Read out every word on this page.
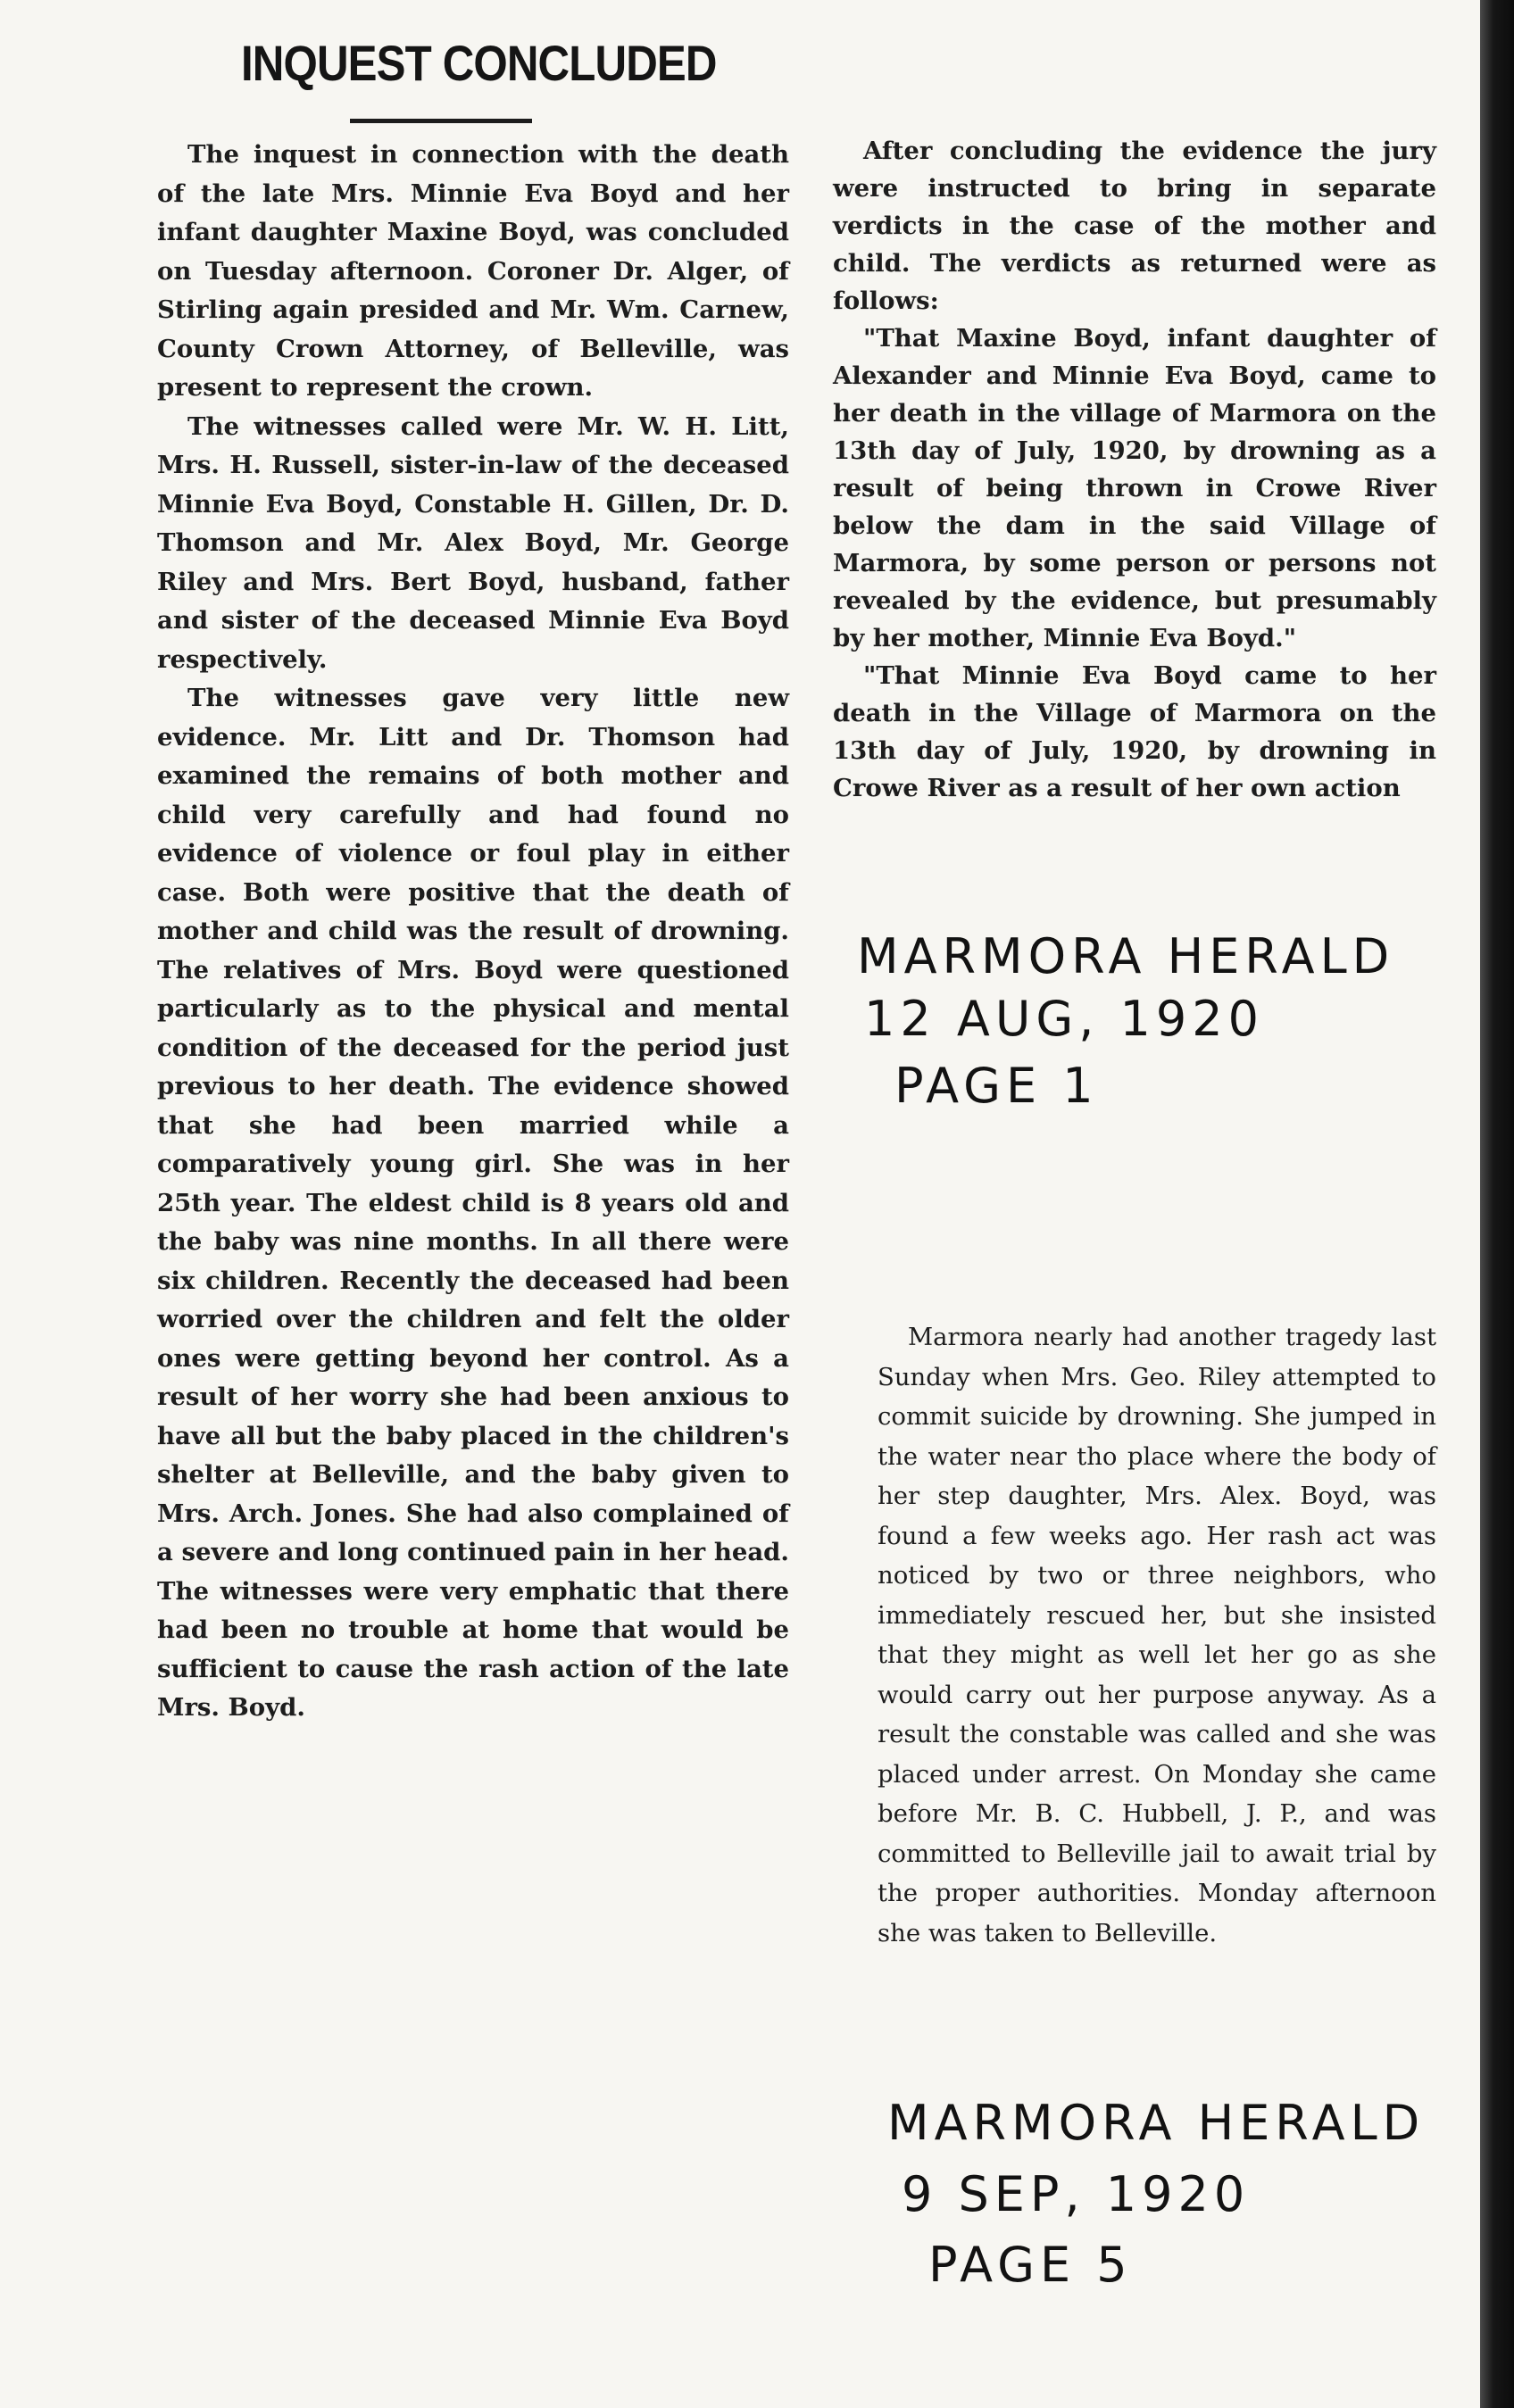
INQUEST CONCLUDED

The inquest in connection with the death of the late Mrs. Minnie Eva Boyd and her infant daughter Maxine Boyd, was concluded on Tuesday afternoon. Coroner Dr. Alger, of Stirling again presided and Mr. Wm. Carnew, County Crown Attorney, of Belleville, was present to represent the crown.

The witnesses called were Mr. W. H. Litt, Mrs. H. Russell, sister-in-law of the deceased Minnie Eva Boyd, Constable H. Gillen, Dr. D. Thomson and Mr. Alex Boyd, Mr. George Riley and Mrs. Bert Boyd, husband, father and sister of the deceased Minnie Eva Boyd respectively.

The witnesses gave very little new evidence. Mr. Litt and Dr. Thomson had examined the remains of both mother and child very carefully and had found no evidence of violence or foul play in either case. Both were positive that the death of mother and child was the result of drowning. The relatives of Mrs. Boyd were questioned particularly as to the physical and mental condition of the deceased for the period just previous to her death. The evidence showed that she had been married while a comparatively young girl. She was in her 25th year. The eldest child is 8 years old and the baby was nine months. In all there were six children. Recently the deceased had been worried over the children and felt the older ones were getting beyond her control. As a result of her worry she had been anxious to have all but the baby placed in the children's shelter at Belleville, and the baby given to Mrs. Arch. Jones. She had also complained of a severe and long continued pain in her head. The witnesses were very emphatic that there had been no trouble at home that would be sufficient to cause the rash action of the late Mrs. Boyd.

After concluding the evidence the jury were instructed to bring in separate verdicts in the case of the mother and child. The verdicts as returned were as follows:

"That Maxine Boyd, infant daughter of Alexander and Minnie Eva Boyd, came to her death in the village of Marmora on the 13th day of July, 1920, by drowning as a result of being thrown in Crowe River below the dam in the said Village of Marmora, by some person or persons not revealed by the evidence, but presumably by her mother, Minnie Eva Boyd."

"That Minnie Eva Boyd came to her death in the Village of Marmora on the 13th day of July, 1920, by drowning in Crowe River as a result of her own action

MARMORA HERALD
12 AUG, 1920
PAGE 1

Marmora nearly had another tragedy last Sunday when Mrs. Geo. Riley attempted to commit suicide by drowning. She jumped in the water near tho place where the body of her step daughter, Mrs. Alex. Boyd, was found a few weeks ago. Her rash act was noticed by two or three neighbors, who immediately rescued her, but she insisted that they might as well let her go as she would carry out her purpose anyway. As a result the constable was called and she was placed under arrest. On Monday she came before Mr. B. C. Hubbell, J. P., and was committed to Belleville jail to await trial by the proper authorities. Monday afternoon she was taken to Belleville.

MARMORA HERALD
9 SEP, 1920
PAGE 5
